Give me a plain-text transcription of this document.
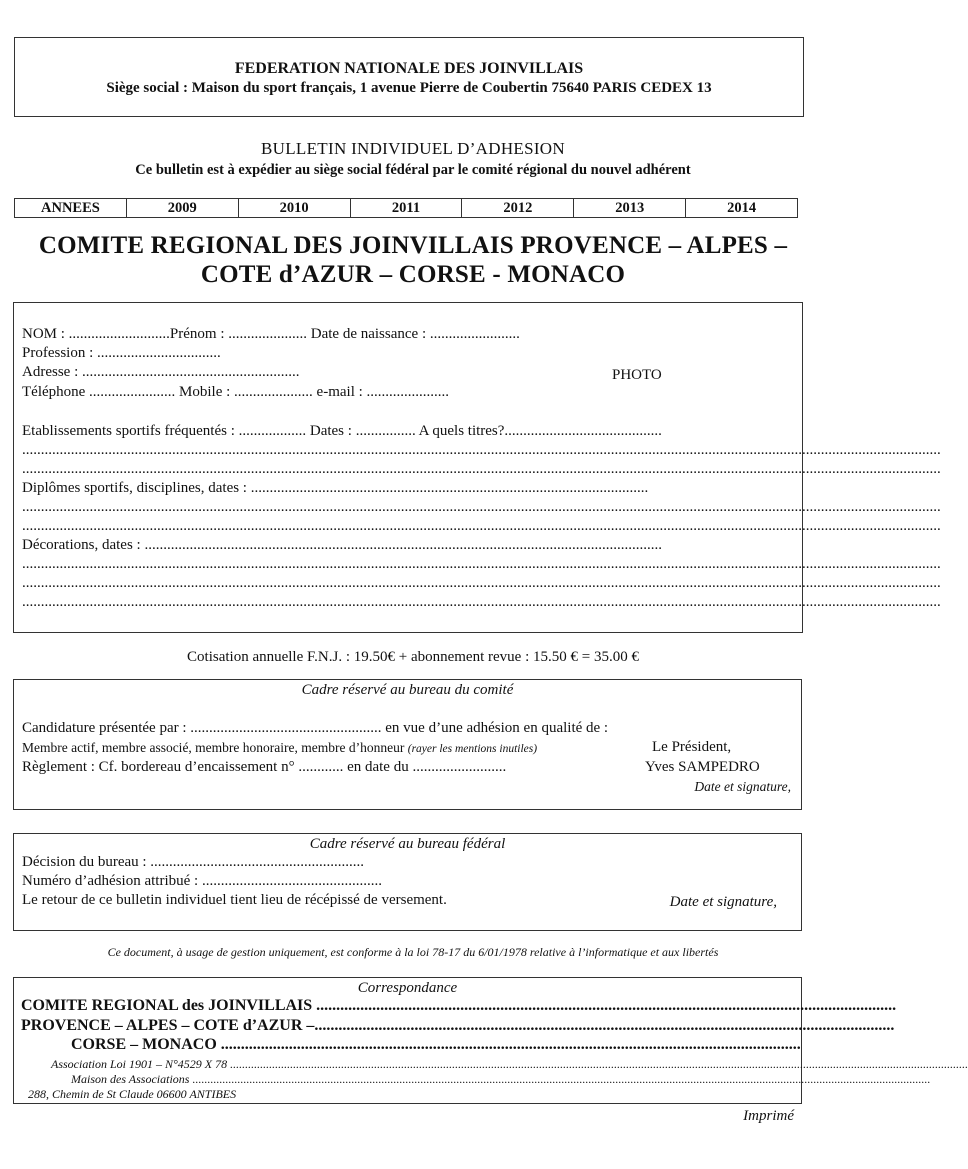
FEDERATION NATIONALE DES JOINVILLAIS
Siège social : Maison du sport français, 1 avenue Pierre de Coubertin 75640 PARIS CEDEX 13
BULLETIN INDIVIDUEL D’ADHESION
Ce bulletin est à expédier au siège social fédéral par le comité régional du nouvel adhérent
ANNEES	2009	2010	2011	2012	2013	2014
COMITE REGIONAL DES JOINVILLAIS PROVENCE – ALPES –
COTE d’AZUR – CORSE - MONACO
NOM : ...........................Prénom : ..................... Date de naissance : ........................
Profession : .................................
Adresse : ..........................................................	PHOTO
Téléphone ....................... Mobile : ..................... e-mail : ......................
Etablissements sportifs fréquentés : .................. Dates : ................ A quels titres?..........................................
.....................................................................................................................................................................................................................................................
.....................................................................................................................................................................................................................................................
Diplômes sportifs, disciplines, dates : ..........................................................................................................
.....................................................................................................................................................................................................................................................
.....................................................................................................................................................................................................................................................
Décorations, dates : ..........................................................................................................................................
.....................................................................................................................................................................................................................................................
.....................................................................................................................................................................................................................................................
.....................................................................................................................................................................................................................................................
Cotisation annuelle F.N.J. : 19.50€ + abonnement revue : 15.50 € = 35.00 €
Cadre réservé au bureau du comité
Candidature présentée par : ................................................... en vue d’une adhésion en qualité de :
Membre actif, membre associé, membre honoraire, membre d’honneur (rayer les mentions inutiles)	Le Président,
Règlement : Cf. bordereau d’encaissement n° ............ en date du .........................	Yves SAMPEDRO
Date et signature,
Cadre réservé au bureau fédéral
Décision du bureau : .........................................................
Numéro d’adhésion attribué : ................................................
Le retour de ce bulletin individuel tient lieu de récépissé de versement.	Date et signature,
Ce document, à usage de gestion uniquement, est conforme à la loi 78-17 du 6/01/1978 relative à l’informatique et aux libertés
Correspondance
COMITE REGIONAL des JOINVILLAIS .................................................................................................................................................
PROVENCE – ALPES – COTE d’AZUR –.................................................................................................................................................
CORSE – MONACO .................................................................................................................................................
Association Loi 1901 – N°4529 X 78 ......................................................................................................................................................................................................................................................
Maison des Associations ......................................................................................................................................................................................................................................................
288, Chemin de St Claude 06600 ANTIBES
Imprimé
